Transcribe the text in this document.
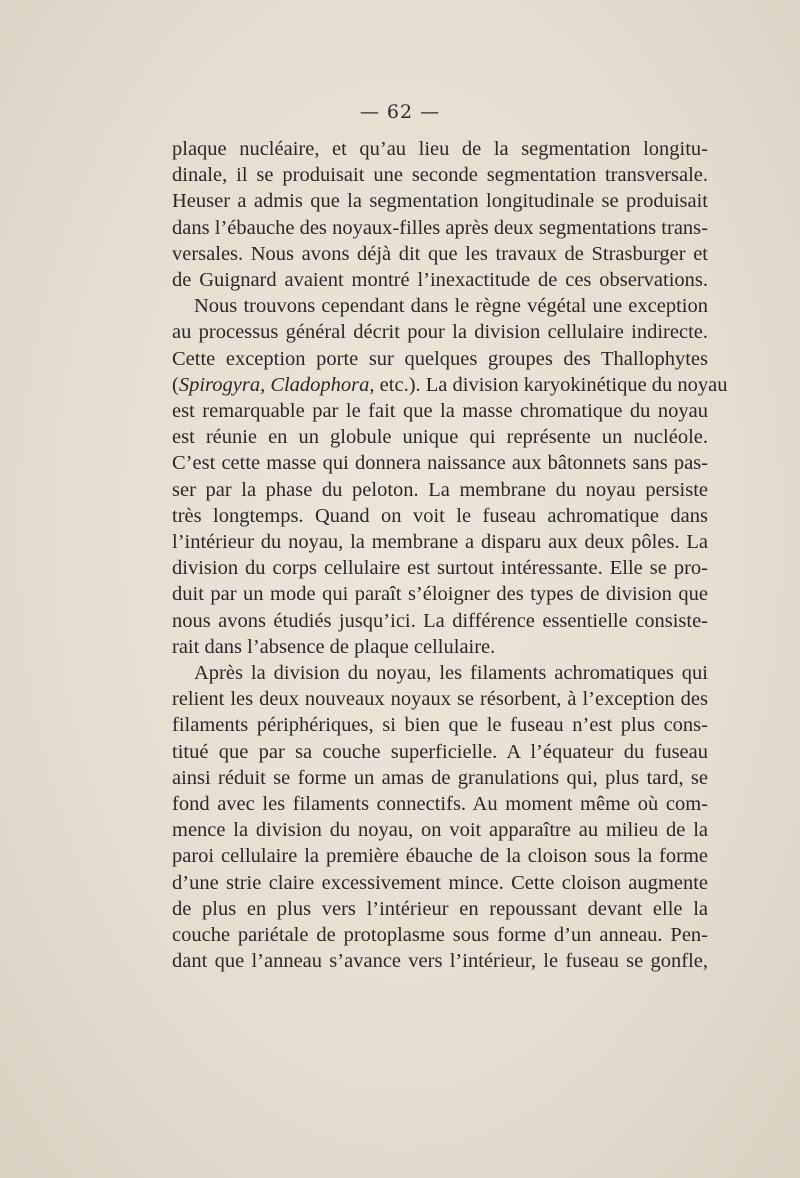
— 62 —
plaque nucléaire, et qu’au lieu de la segmentation longitu-
dinale, il se produisait une seconde segmentation transversale.
Heuser a admis que la segmentation longitudinale se produisait
dans l’ébauche des noyaux-filles après deux segmentations trans-
versales. Nous avons déjà dit que les travaux de Strasburger et
de Guignard avaient montré l’inexactitude de ces observations.
Nous trouvons cependant dans le règne végétal une exception
au processus général décrit pour la division cellulaire indirecte.
Cette exception porte sur quelques groupes des Thallophytes
(Spirogyra, Cladophora, etc.). La division karyokinétique du noyau
est remarquable par le fait que la masse chromatique du noyau
est réunie en un globule unique qui représente un nucléole.
C’est cette masse qui donnera naissance aux bâtonnets sans pas-
ser par la phase du peloton. La membrane du noyau persiste
très longtemps. Quand on voit le fuseau achromatique dans
l’intérieur du noyau, la membrane a disparu aux deux pôles. La
division du corps cellulaire est surtout intéressante. Elle se pro-
duit par un mode qui paraît s’éloigner des types de division que
nous avons étudiés jusqu’ici. La différence essentielle consiste-
rait dans l’absence de plaque cellulaire.
Après la division du noyau, les filaments achromatiques qui
relient les deux nouveaux noyaux se résorbent, à l’exception des
filaments périphériques, si bien que le fuseau n’est plus cons-
titué que par sa couche superficielle. A l’équateur du fuseau
ainsi réduit se forme un amas de granulations qui, plus tard, se
fond avec les filaments connectifs. Au moment même où com-
mence la division du noyau, on voit apparaître au milieu de la
paroi cellulaire la première ébauche de la cloison sous la forme
d’une strie claire excessivement mince. Cette cloison augmente
de plus en plus vers l’intérieur en repoussant devant elle la
couche pariétale de protoplasme sous forme d’un anneau. Pen-
dant que l’anneau s’avance vers l’intérieur, le fuseau se gonfle,
